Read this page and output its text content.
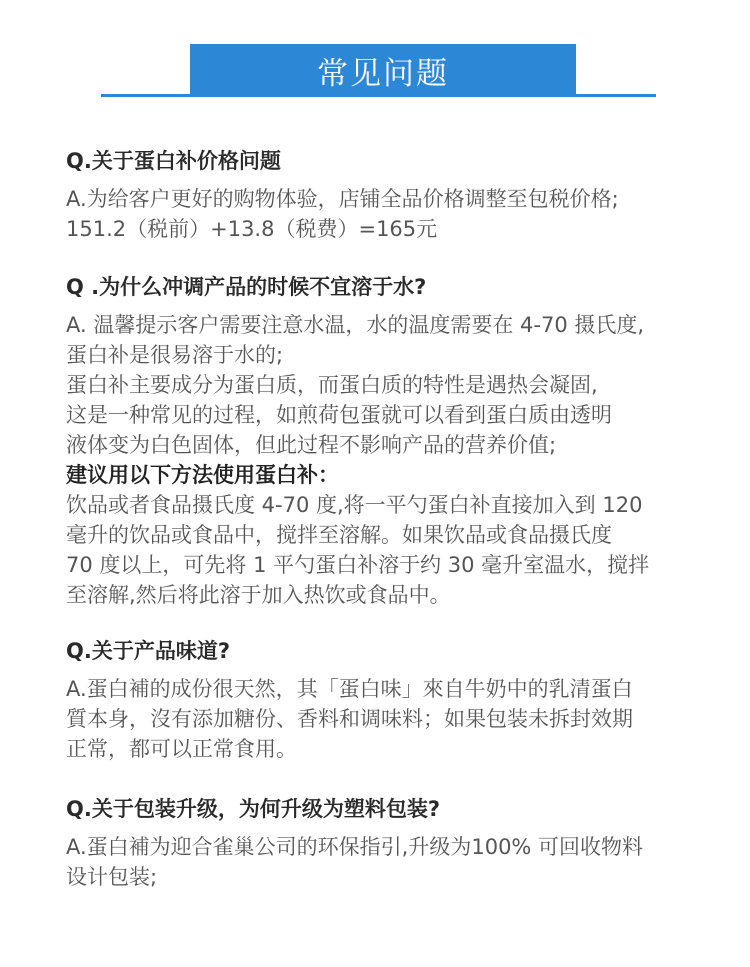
常见问题
Q.关于蛋白补价格问题

A.为给客户更好的购物体验，店铺全品价格调整至包税价格;

151.2（税前）+13.8（税费）=165元

Q .为什么冲调产品的时候不宜溶于水?

A. 温馨提示客户需要注意水温，水的温度需要在 4-70 摄氏度,

蛋白补是很易溶于水的;

蛋白补主要成分为蛋白质，而蛋白质的特性是遇热会凝固,

这是一种常见的过程，如煎荷包蛋就可以看到蛋白质由透明

液体变为白色固体，但此过程不影响产品的营养价值;

建议用以下方法使用蛋白补：

饮品或者食品摄氏度 4-70 度,将一平勺蛋白补直接加入到 120

毫升的饮品或食品中，搅拌至溶解。如果饮品或食品摄氏度

70 度以上，可先将 1 平勺蛋白补溶于约 30 毫升室温水，搅拌

至溶解,然后将此溶于加入热饮或食品中。

Q.关于产品味道?

A.蛋白補的成份很天然，其「蛋白味」來自牛奶中的乳清蛋白

質本身，沒有添加糖份、香料和调味料；如果包装未拆封效期

正常，都可以正常食用。

Q.关于包装升级，为何升级为塑料包装?

A.蛋白補为迎合雀巢公司的环保指引,升级为100% 可回收物料

设计包装;
